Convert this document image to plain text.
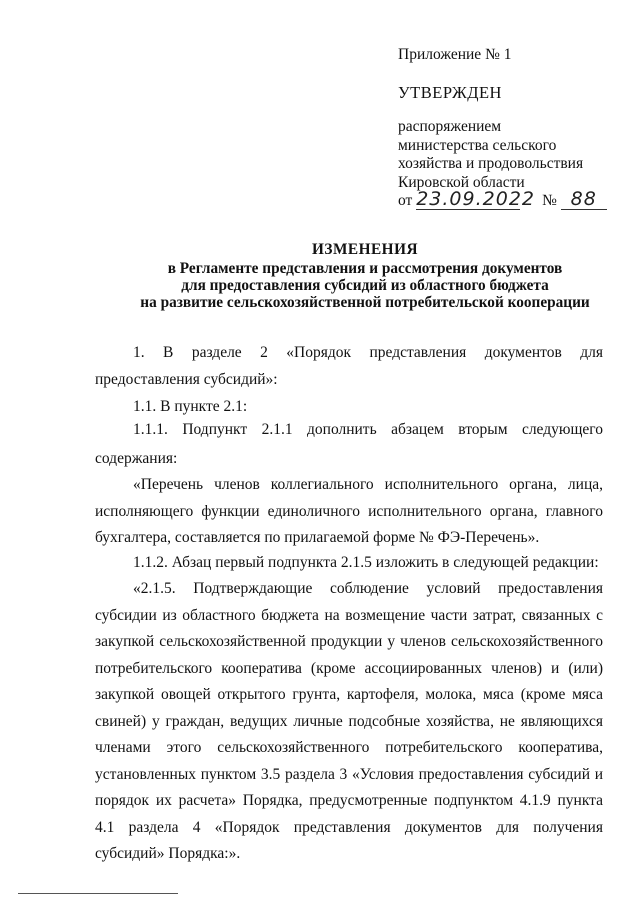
Приложение № 1
УТВЕРЖДЕН
распоряжением
министерства сельского
хозяйства и продовольствия
Кировской области
от 23.09.2022 № 88
ИЗМЕНЕНИЯ
в Регламенте представления и рассмотрения документов
для предоставления субсидий из областного бюджета
на развитие сельскохозяйственной потребительской кооперации
1. В разделе 2 «Порядок представления документов для предоставления субсидий»:
1.1. В пункте 2.1:
1.1.1. Подпункт 2.1.1 дополнить абзацем вторым следующего
содержания:
«Перечень членов коллегиального исполнительного органа, лица, исполняющего функции единоличного исполнительного органа, главного бухгалтера, составляется по прилагаемой форме № ФЭ-Перечень».
1.1.2. Абзац первый подпункта 2.1.5 изложить в следующей редакции:
«2.1.5. Подтверждающие соблюдение условий предоставления субсидии из областного бюджета на возмещение части затрат, связанных с закупкой сельскохозяйственной продукции у членов сельскохозяйственного потребительского кооператива (кроме ассоциированных членов) и (или) закупкой овощей открытого грунта, картофеля, молока, мяса (кроме мяса свиней) у граждан, ведущих личные подсобные хозяйства, не являющихся членами этого сельскохозяйственного потребительского кооператива, установленных пунктом 3.5 раздела 3 «Условия предоставления субсидий и порядок их расчета» Порядка, предусмотренные подпунктом 4.1.9 пункта 4.1 раздела 4 «Порядок представления документов для получения субсидий» Порядка:».
